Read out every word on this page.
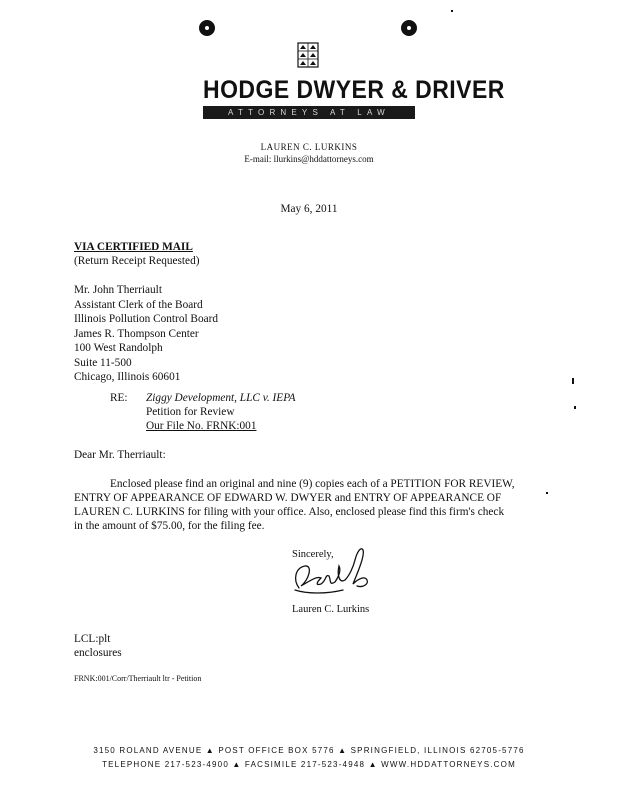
HODGE DWYER & DRIVER
ATTORNEYS AT LAW
LAUREN C. LURKINS
E-mail: llurkins@hddattorneys.com
May 6, 2011
VIA CERTIFIED MAIL
(Return Receipt Requested)
Mr. John Therriault
Assistant Clerk of the Board
Illinois Pollution Control Board
James R. Thompson Center
100 West Randolph
Suite 11-500
Chicago, Illinois 60601
RE: Ziggy Development, LLC v. IEPA
Petition for Review
Our File No. FRNK:001
Dear Mr. Therriault:
Enclosed please find an original and nine (9) copies each of a PETITION FOR REVIEW,
ENTRY OF APPEARANCE OF EDWARD W. DWYER and ENTRY OF APPEARANCE OF
LAUREN C. LURKINS for filing with your office. Also, enclosed please find this firm's check
in the amount of $75.00, for the filing fee.
Sincerely,
Lauren C. Lurkins
LCL:plt
enclosures
FRNK:001/Corr/Therriault ltr - Petition
3150 ROLAND AVENUE ▲ POST OFFICE BOX 5776 ▲ SPRINGFIELD, ILLINOIS 62705-5776
TELEPHONE 217-523-4900 ▲ FACSIMILE 217-523-4948 ▲ WWW.HDDATTORNEYS.COM
